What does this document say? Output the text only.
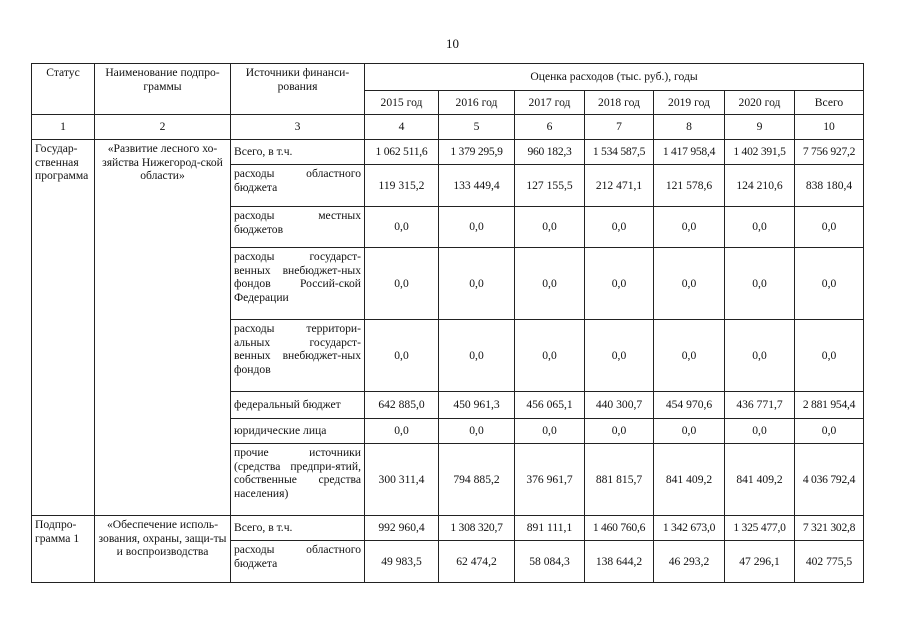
10
Статус	Наименование подпро-граммы	Источники финанси-рования	Оценка расходов (тыс. руб.), годы						
			2015 год	2016 год	2017 год	2018 год	2019 год	2020 год	Всего
1	2	3	4	5	6	7	8	9	10
Государ-ственная программа	«Развитие лесного хо-зяйства Нижегород-ской области»	Всего, в т.ч.	1 062 511,6	1 379 295,9	960 182,3	1 534 587,5	1 417 958,4	1 402 391,5	7 756 927,2
		расходы областного бюджета	119 315,2	133 449,4	127 155,5	212 471,1	121 578,6	124 210,6	838 180,4
		расходы местных бюджетов	0,0	0,0	0,0	0,0	0,0	0,0	0,0
		расходы государст-венных внебюджет-ных фондов Россий-ской Федерации	0,0	0,0	0,0	0,0	0,0	0,0	0,0
		расходы территори-альных государст-венных внебюджет-ных фондов	0,0	0,0	0,0	0,0	0,0	0,0	0,0
		федеральный бюджет	642 885,0	450 961,3	456 065,1	440 300,7	454 970,6	436 771,7	2 881 954,4
		юридические лица	0,0	0,0	0,0	0,0	0,0	0,0	0,0
		прочие источники (средства предпри-ятий, собственные средства населения)	300 311,4	794 885,2	376 961,7	881 815,7	841 409,2	841 409,2	4 036 792,4
Подпро-грамма 1	«Обеспечение исполь-зования, охраны, защи-ты и воспроизводства	Всего, в т.ч.	992 960,4	1 308 320,7	891 111,1	1 460 760,6	1 342 673,0	1 325 477,0	7 321 302,8
		расходы областного бюджета	49 983,5	62 474,2	58 084,3	138 644,2	46 293,2	47 296,1	402 775,5
